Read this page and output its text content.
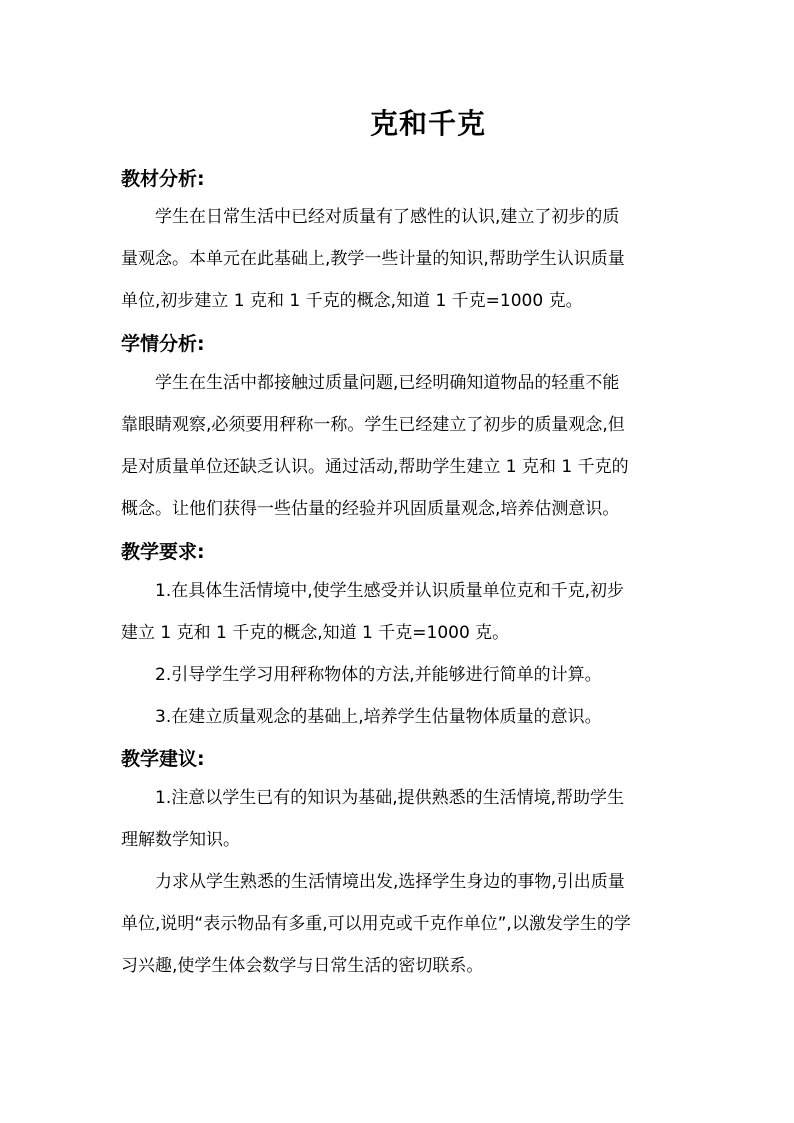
克和千克
教材分析:
学生在日常生活中已经对质量有了感性的认识,建立了初步的质
量观念。本单元在此基础上,教学一些计量的知识,帮助学生认识质量
单位,初步建立 1 克和 1 千克的概念,知道 1 千克=1000 克。
学情分析:
学生在生活中都接触过质量问题,已经明确知道物品的轻重不能
靠眼睛观察,必须要用秤称一称。学生已经建立了初步的质量观念,但
是对质量单位还缺乏认识。通过活动,帮助学生建立 1 克和 1 千克的
概念。让他们获得一些估量的经验并巩固质量观念,培养估测意识。
教学要求:
1.在具体生活情境中,使学生感受并认识质量单位克和千克,初步
建立 1 克和 1 千克的概念,知道 1 千克=1000 克。
2.引导学生学习用秤称物体的方法,并能够进行简单的计算。
3.在建立质量观念的基础上,培养学生估量物体质量的意识。
教学建议:
1.注意以学生已有的知识为基础,提供熟悉的生活情境,帮助学生
理解数学知识。
力求从学生熟悉的生活情境出发,选择学生身边的事物,引出质量
单位,说明“表示物品有多重,可以用克或千克作单位”,以激发学生的学
习兴趣,使学生体会数学与日常生活的密切联系。
